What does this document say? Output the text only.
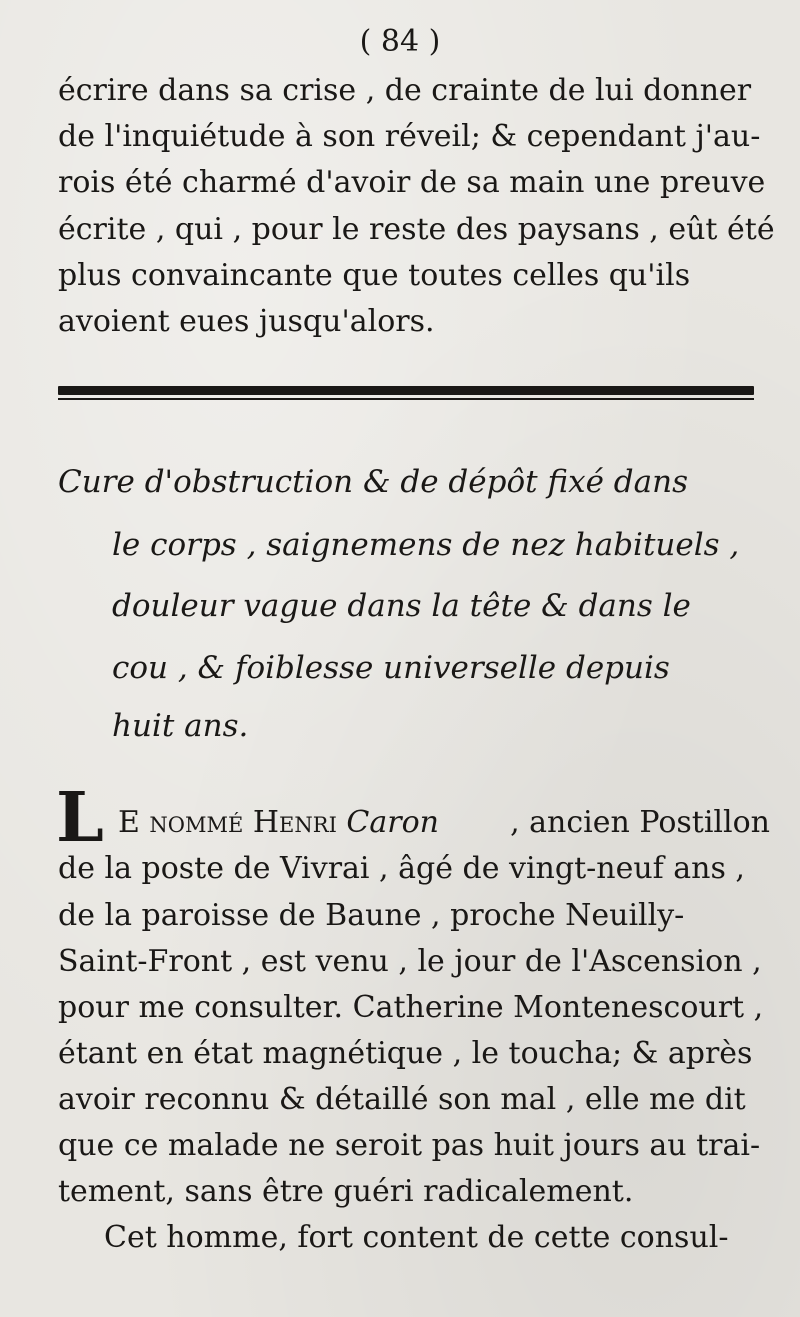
( 84 )
écrire dans sa crise , de crainte de lui donner
de l'inquiétude à son réveil; & cependant j'au-
rois été charmé d'avoir de sa main une preuve
écrite , qui , pour le reste des paysans , eût été
plus convaincante que toutes celles qu'ils
avoient eues jusqu'alors.
Cure d'obstruction & de dépôt fixé dans
le corps , saignemens de nez habituels ,
douleur vague dans la tête & dans le
cou , & foiblesse universelle depuis
huit ans.
L E nommé Henri Caron , ancien Postillon
de la poste de Vivrai , âgé de vingt-neuf ans ,
de la paroisse de Baune , proche Neuilly-
Saint-Front , est venu , le jour de l'Ascension ,
pour me consulter. Catherine Montenescourt ,
étant en état magnétique , le toucha; & après
avoir reconnu & détaillé son mal , elle me dit
que ce malade ne seroit pas huit jours au trai-
tement, sans être guéri radicalement.
Cet homme, fort content de cette consul-
